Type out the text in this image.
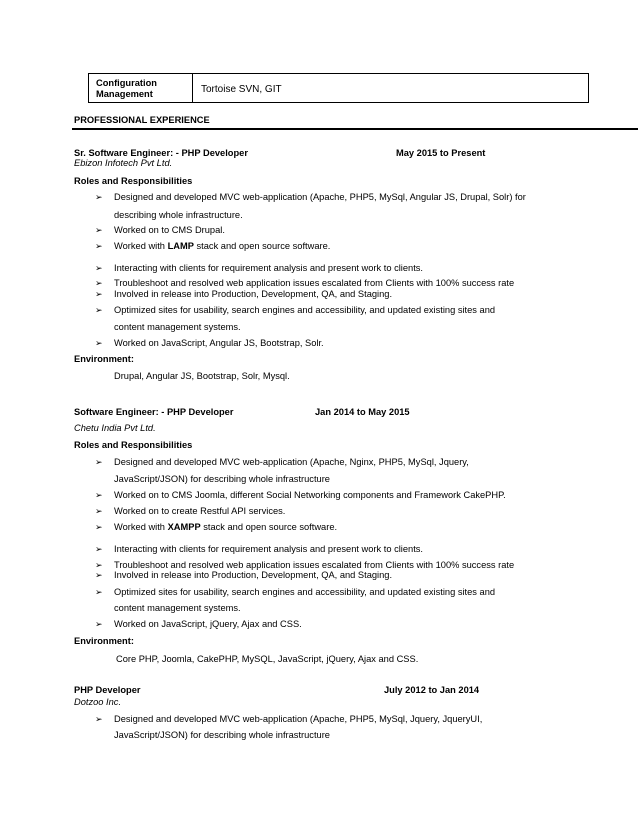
Configuration
Management	Tortoise SVN, GIT
PROFESSIONAL EXPERIENCE
Sr. Software Engineer: - PHP Developer	May 2015 to Present
Ebizon Infotech Pvt Ltd.
Roles and Responsibilities
➢ Designed and developed MVC web-application (Apache, PHP5, MySql, Angular JS, Drupal, Solr) for
describing whole infrastructure.
➢ Worked on to CMS Drupal.
➢ Worked with LAMP stack and open source software.
➢ Interacting with clients for requirement analysis and present work to clients.
➢ Troubleshoot and resolved web application issues escalated from Clients with 100% success rate
➢ Involved in release into Production, Development, QA, and Staging.
➢ Optimized sites for usability, search engines and accessibility, and updated existing sites and
content management systems.
➢ Worked on JavaScript, Angular JS, Bootstrap, Solr.
Environment:
Drupal, Angular JS, Bootstrap, Solr, Mysql.
Software Engineer: - PHP Developer	Jan 2014 to May 2015
Chetu India Pvt Ltd.
Roles and Responsibilities
➢ Designed and developed MVC web-application (Apache, Nginx, PHP5, MySql, Jquery,
JavaScript/JSON) for describing whole infrastructure
➢ Worked on to CMS Joomla, different Social Networking components and Framework CakePHP.
➢ Worked on to create Restful API services.
➢ Worked with XAMPP stack and open source software.
➢ Interacting with clients for requirement analysis and present work to clients.
➢ Troubleshoot and resolved web application issues escalated from Clients with 100% success rate
➢ Involved in release into Production, Development, QA, and Staging.
➢ Optimized sites for usability, search engines and accessibility, and updated existing sites and
content management systems.
➢ Worked on JavaScript, jQuery, Ajax and CSS.
Environment:
Core PHP, Joomla, CakePHP, MySQL, JavaScript, jQuery, Ajax and CSS.
PHP Developer	July 2012 to Jan 2014
Dotzoo Inc.
➢ Designed and developed MVC web-application (Apache, PHP5, MySql, Jquery, JqueryUI,
JavaScript/JSON) for describing whole infrastructure
